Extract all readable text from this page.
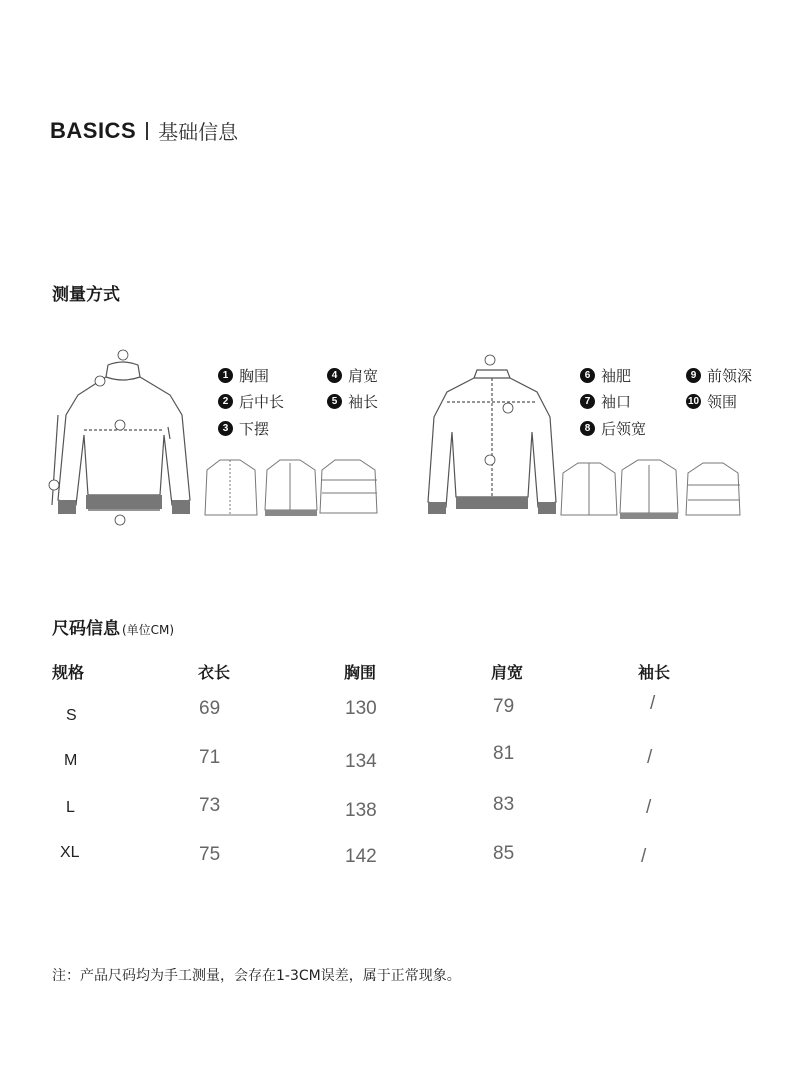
BASICS 基础信息
测量方式
1 胸围
2 后中长
3 下摆
4 肩宽
5 袖长
6 袖肥
7 袖口
8 后领宽
9 前领深
10 领围
尺码信息 (单位CM)
规格	衣长	胸围	肩宽	袖长
S	69	130	79	/
M	71	134	81	/
L	73	138	83	/
XL	75	142	85	/
注：产品尺码均为手工测量，会存在1-3CM误差，属于正常现象。
